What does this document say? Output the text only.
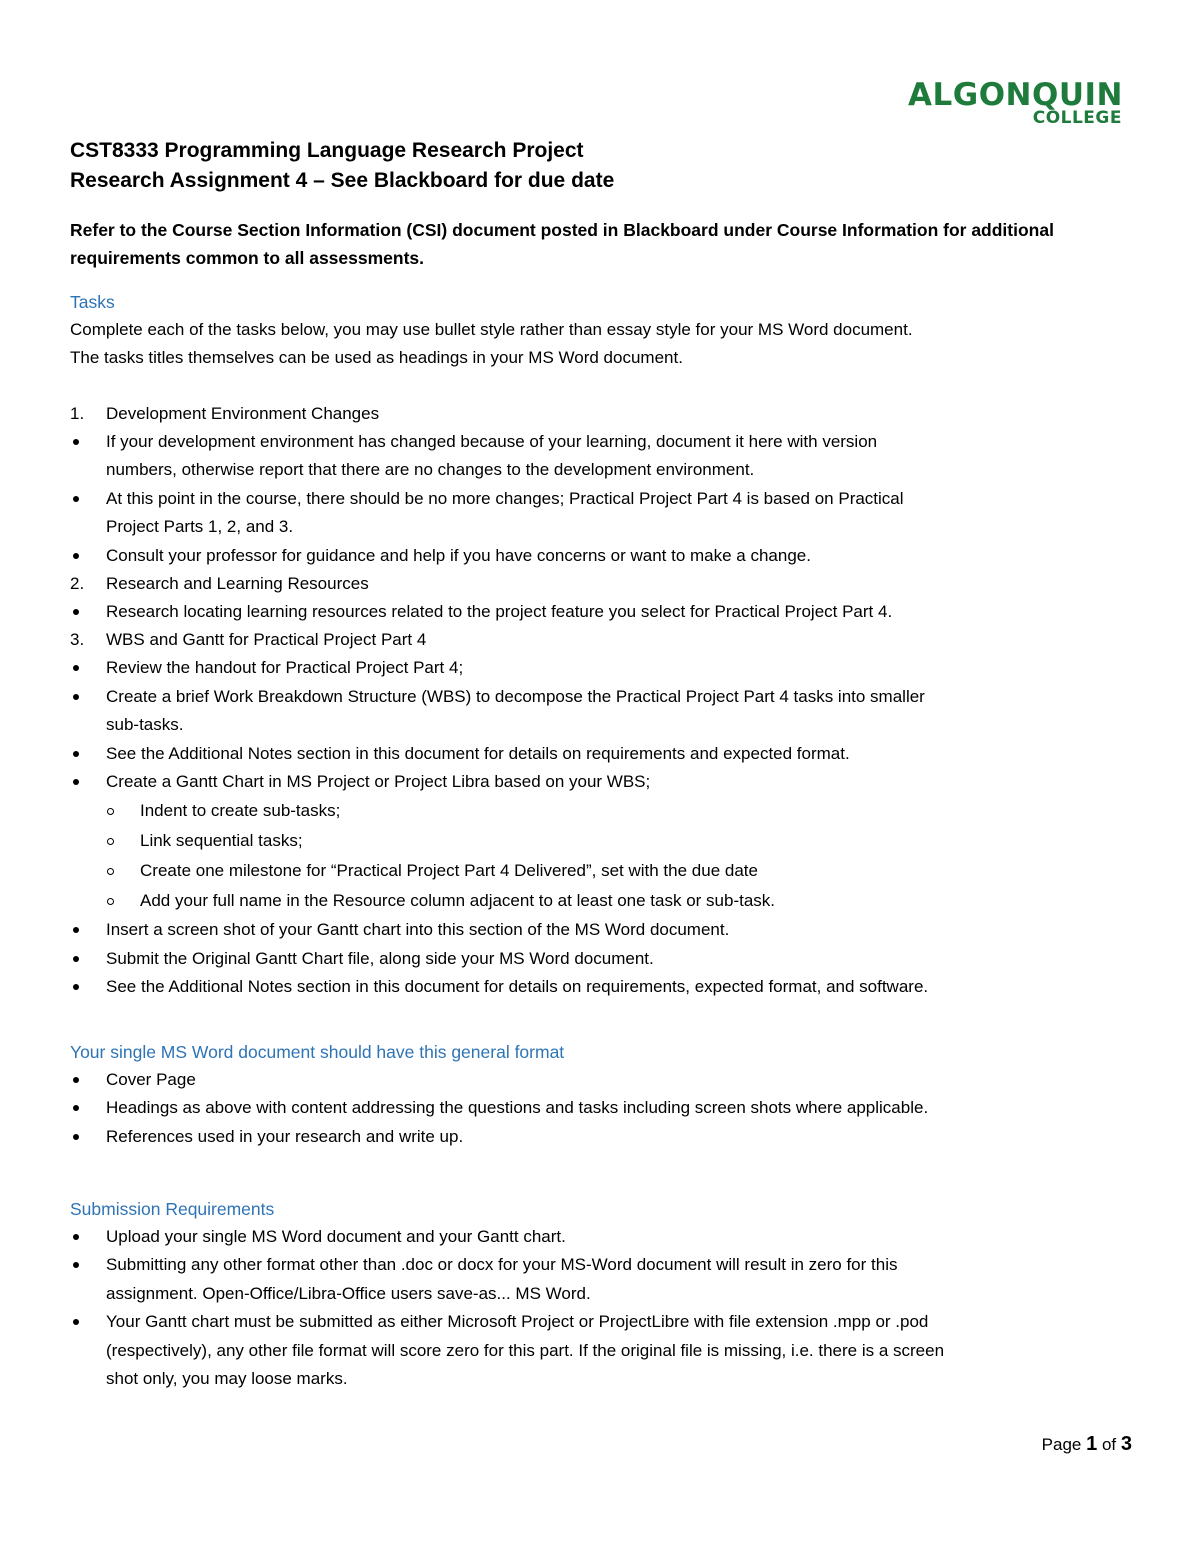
ALGONQUIN
COLLEGE

CST8333 Programming Language Research Project

Research Assignment 4 – See Blackboard for due date

Refer to the Course Section Information (CSI) document posted in Blackboard under Course Information for additional
requirements common to all assessments.

Tasks

Complete each of the tasks below, you may use bullet style rather than essay style for your MS Word document.

The tasks titles themselves can be used as headings in your MS Word document.

1. Development Environment Changes
If your development environment has changed because of your learning, document it here with version
numbers, otherwise report that there are no changes to the development environment.
At this point in the course, there should be no more changes; Practical Project Part 4 is based on Practical
Project Parts 1, 2, and 3.
Consult your professor for guidance and help if you have concerns or want to make a change.
2. Research and Learning Resources
Research locating learning resources related to the project feature you select for Practical Project Part 4.
3. WBS and Gantt for Practical Project Part 4
Review the handout for Practical Project Part 4;
Create a brief Work Breakdown Structure (WBS) to decompose the Practical Project Part 4 tasks into smaller
sub-tasks.
See the Additional Notes section in this document for details on requirements and expected format.
Create a Gantt Chart in MS Project or Project Libra based on your WBS;
Indent to create sub-tasks;
Link sequential tasks;
Create one milestone for “Practical Project Part 4 Delivered”, set with the due date
Add your full name in the Resource column adjacent to at least one task or sub-task.
Insert a screen shot of your Gantt chart into this section of the MS Word document.
Submit the Original Gantt Chart file, along side your MS Word document.
See the Additional Notes section in this document for details on requirements, expected format, and software.

Your single MS Word document should have this general format

Cover Page
Headings as above with content addressing the questions and tasks including screen shots where applicable.
References used in your research and write up.

Submission Requirements

Upload your single MS Word document and your Gantt chart.
Submitting any other format other than .doc or docx for your MS-Word document will result in zero for this
assignment. Open-Office/Libra-Office users save-as... MS Word.
Your Gantt chart must be submitted as either Microsoft Project or ProjectLibre with file extension .mpp or .pod
(respectively), any other file format will score zero for this part. If the original file is missing, i.e. there is a screen
shot only, you may loose marks.
Page 1 of 3
